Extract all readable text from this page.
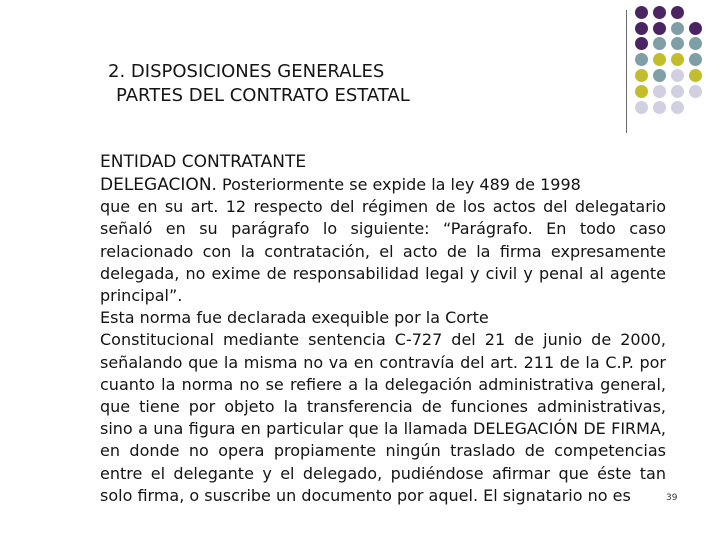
2. DISPOSICIONES GENERALES
PARTES DEL CONTRATO ESTATAL

ENTIDAD CONTRATANTE

DELEGACION. Posteriormente se expide la ley 489 de 1998

que en su art. 12 respecto del régimen de los actos del delegatario señaló en su parágrafo lo siguiente: “Parágrafo. En todo caso relacionado con la contratación, el acto de la firma expresamente delegada, no exime de responsabilidad legal y civil y penal al agente principal”.

Esta norma fue declarada exequible por la Corte

Constitucional mediante sentencia C-727 del 21 de junio de 2000, señalando que la misma no va en contravía del art. 211 de la C.P. por cuanto la norma no se refiere a la delegación administrativa general, que tiene por objeto la transferencia de funciones administrativas, sino a una figura en particular que la llamada DELEGACIÓN DE FIRMA, en donde no opera propiamente ningún traslado de competencias entre el delegante y el delegado, pudiéndose afirmar que éste tan solo firma, o suscribe un documento por aquel. El signatario no es	39
